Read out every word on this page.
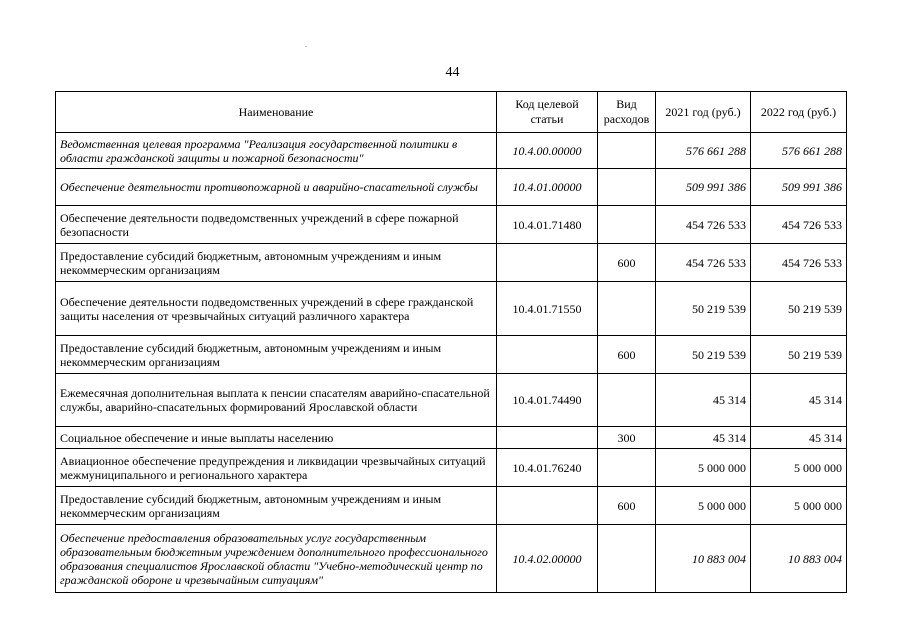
44
Наименование	Код целевой статьи	Вид расходов	2021 год (руб.)	2022 год (руб.)
Ведомственная целевая программа "Реализация государственной политики в области гражданской защиты и пожарной безопасности"	10.4.00.00000		576 661 288	576 661 288
Обеспечение деятельности противопожарной и аварийно-спасательной службы	10.4.01.00000		509 991 386	509 991 386
Обеспечение деятельности подведомственных учреждений в сфере пожарной безопасности	10.4.01.71480		454 726 533	454 726 533
Предоставление субсидий бюджетным, автономным учреждениям и иным некоммерческим организациям		600	454 726 533	454 726 533
Обеспечение деятельности подведомственных учреждений в сфере гражданской защиты населения от чрезвычайных ситуаций различного характера	10.4.01.71550		50 219 539	50 219 539
Предоставление субсидий бюджетным, автономным учреждениям и иным некоммерческим организациям		600	50 219 539	50 219 539
Ежемесячная дополнительная выплата к пенсии спасателям аварийно-спасательной службы, аварийно-спасательных формирований Ярославской области	10.4.01.74490		45 314	45 314
Социальное обеспечение и иные выплаты населению		300	45 314	45 314
Авиационное обеспечение предупреждения и ликвидации чрезвычайных ситуаций межмуниципального и регионального характера	10.4.01.76240		5 000 000	5 000 000
Предоставление субсидий бюджетным, автономным учреждениям и иным некоммерческим организациям		600	5 000 000	5 000 000
Обеспечение предоставления образовательных услуг государственным образовательным бюджетным учреждением дополнительного профессионального образования специалистов Ярославской области "Учебно-методический центр по гражданской обороне и чрезвычайным ситуациям"	10.4.02.00000		10 883 004	10 883 004
